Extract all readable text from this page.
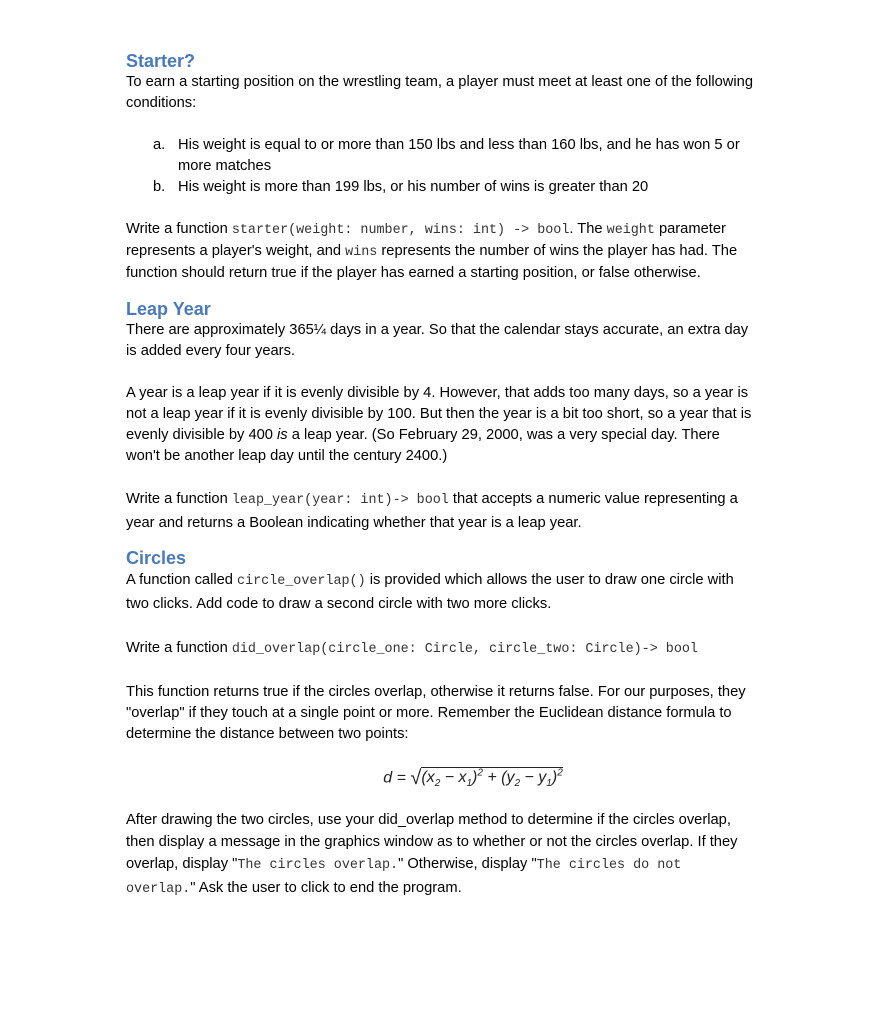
Starter?

To earn a starting position on the wrestling team, a player must meet at least one of the following conditions:

a. His weight is equal to or more than 150 lbs and less than 160 lbs, and he has won 5 or more matches
b. His weight is more than 199 lbs, or his number of wins is greater than 20

Write a function starter(weight: number, wins: int) -> bool. The weight parameter represents a player's weight, and wins represents the number of wins the player has had. The function should return true if the player has earned a starting position, or false otherwise.

Leap Year

There are approximately 365¼ days in a year. So that the calendar stays accurate, an extra day is added every four years.

A year is a leap year if it is evenly divisible by 4. However, that adds too many days, so a year is not a leap year if it is evenly divisible by 100. But then the year is a bit too short, so a year that is evenly divisible by 400 is a leap year. (So February 29, 2000, was a very special day. There won't be another leap day until the century 2400.)

Write a function leap_year(year: int)-> bool that accepts a numeric value representing a year and returns a Boolean indicating whether that year is a leap year.

Circles

A function called circle_overlap() is provided which allows the user to draw one circle with two clicks. Add code to draw a second circle with two more clicks.

Write a function did_overlap(circle_one: Circle, circle_two: Circle)-> bool

This function returns true if the circles overlap, otherwise it returns false. For our purposes, they "overlap" if they touch at a single point or more. Remember the Euclidean distance formula to determine the distance between two points:

$d = √(x_2 - x_1)^2 + (y_2 - y_1)^2$

After drawing the two circles, use your did_overlap method to determine if the circles overlap, then display a message in the graphics window as to whether or not the circles overlap. If they overlap, display "The circles overlap." Otherwise, display "The circles do not overlap." Ask the user to click to end the program.
